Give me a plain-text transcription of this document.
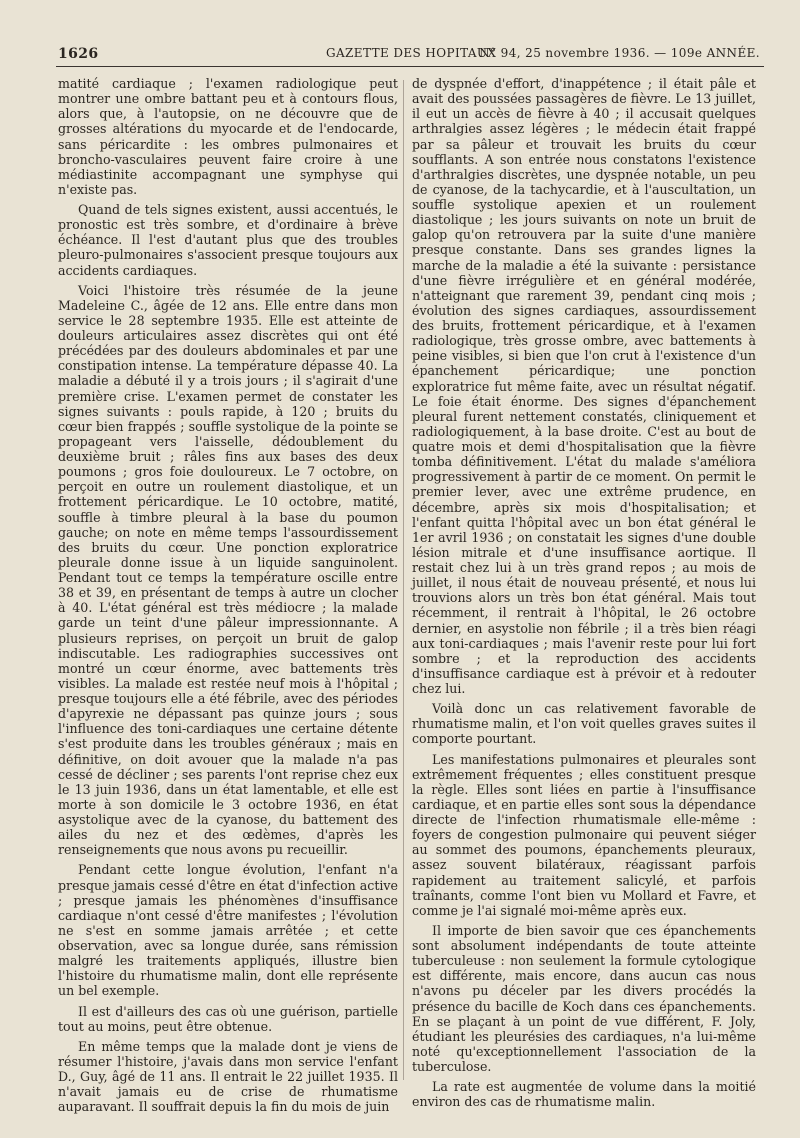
1626	GAZETTE DES HOPITAUX
N° 94, 25 novembre 1936. — 109e ANNÉE.

matité cardiaque ; l'examen radiologique peut montrer une ombre battant peu et à contours flous, alors que, à l'autopsie, on ne découvre que de grosses altérations du myocarde et de l'endocarde, sans péricardite : les ombres pulmonaires et broncho-vasculaires peuvent faire croire à une médiastinite accompagnant une symphyse qui n'existe pas.

Quand de tels signes existent, aussi accentués, le pronostic est très sombre, et d'ordinaire à brève échéance. Il l'est d'autant plus que des troubles pleuro-pulmonaires s'associent presque toujours aux accidents cardiaques.

Voici l'histoire très résumée de la jeune Madeleine C., âgée de 12 ans. Elle entre dans mon service le 28 septembre 1935. Elle est atteinte de douleurs articulaires assez discrètes qui ont été précédées par des douleurs abdominales et par une constipation intense. La température dépasse 40. La maladie a débuté il y a trois jours ; il s'agirait d'une première crise. L'examen permet de constater les signes suivants : pouls rapide, à 120 ; bruits du cœur bien frappés ; souffle systolique de la pointe se propageant vers l'aisselle, dédoublement du deuxième bruit ; râles fins aux bases des deux poumons ; gros foie douloureux. Le 7 octobre, on perçoit en outre un roulement diastolique, et un frottement péricardique. Le 10 octobre, matité, souffle à timbre pleural à la base du poumon gauche; on note en même temps l'assourdissement des bruits du cœur. Une ponction exploratrice pleurale donne issue à un liquide sanguinolent. Pendant tout ce temps la température oscille entre 38 et 39, en présentant de temps à autre un clocher à 40. L'état général est très médiocre ; la malade garde un teint d'une pâleur impressionnante. A plusieurs reprises, on perçoit un bruit de galop indiscutable. Les radiographies successives ont montré un cœur énorme, avec battements très visibles. La malade est restée neuf mois à l'hôpital ; presque toujours elle a été fébrile, avec des périodes d'apyrexie ne dépassant pas quinze jours ; sous l'influence des toni-cardiaques une certaine détente s'est produite dans les troubles généraux ; mais en définitive, on doit avouer que la malade n'a pas cessé de décliner ; ses parents l'ont reprise chez eux le 13 juin 1936, dans un état lamentable, et elle est morte à son domicile le 3 octobre 1936, en état asystolique avec de la cyanose, du battement des ailes du nez et des œdèmes, d'après les renseignements que nous avons pu recueillir.

Pendant cette longue évolution, l'enfant n'a presque jamais cessé d'être en état d'infection active ; presque jamais les phénomènes d'insuffisance cardiaque n'ont cessé d'être manifestes ; l'évolution ne s'est en somme jamais arrêtée ; et cette observation, avec sa longue durée, sans rémission malgré les traitements appliqués, illustre bien l'histoire du rhumatisme malin, dont elle représente un bel exemple.

Il est d'ailleurs des cas où une guérison, partielle tout au moins, peut être obtenue.

En même temps que la malade dont je viens de résumer l'histoire, j'avais dans mon service l'enfant D., Guy, âgé de 11 ans. Il entrait le 22 juillet 1935. Il n'avait jamais eu de crise de rhumatisme auparavant. Il souffrait depuis la fin du mois de juin

de dyspnée d'effort, d'inappétence ; il était pâle et avait des poussées passagères de fièvre. Le 13 juillet, il eut un accès de fièvre à 40 ; il accusait quelques arthralgies assez légères ; le médecin était frappé par sa pâleur et trouvait les bruits du cœur soufflants. A son entrée nous constatons l'existence d'arthralgies discrètes, une dyspnée notable, un peu de cyanose, de la tachycardie, et à l'auscultation, un souffle systolique apexien et un roulement diastolique ; les jours suivants on note un bruit de galop qu'on retrouvera par la suite d'une manière presque constante. Dans ses grandes lignes la marche de la maladie a été la suivante : persistance d'une fièvre irrégulière et en général modérée, n'atteignant que rarement 39, pendant cinq mois ; évolution des signes cardiaques, assourdissement des bruits, frottement péricardique, et à l'examen radiologique, très grosse ombre, avec battements à peine visibles, si bien que l'on crut à l'existence d'un épanchement péricardique; une ponction exploratrice fut même faite, avec un résultat négatif. Le foie était énorme. Des signes d'épanchement pleural furent nettement constatés, cliniquement et radiologiquement, à la base droite. C'est au bout de quatre mois et demi d'hospitalisation que la fièvre tomba définitivement. L'état du malade s'améliora progressivement à partir de ce moment. On permit le premier lever, avec une extrême prudence, en décembre, après six mois d'hospitalisation; et l'enfant quitta l'hôpital avec un bon état général le 1er avril 1936 ; on constatait les signes d'une double lésion mitrale et d'une insuffisance aortique. Il restait chez lui à un très grand repos ; au mois de juillet, il nous était de nouveau présenté, et nous lui trouvions alors un très bon état général. Mais tout récemment, il rentrait à l'hôpital, le 26 octobre dernier, en asystolie non fébrile ; il a très bien réagi aux toni-cardiaques ; mais l'avenir reste pour lui fort sombre ; et la reproduction des accidents d'insuffisance cardiaque est à prévoir et à redouter chez lui.

Voilà donc un cas relativement favorable de rhumatisme malin, et l'on voit quelles graves suites il comporte pourtant.

Les manifestations pulmonaires et pleurales sont extrêmement fréquentes ; elles constituent presque la règle. Elles sont liées en partie à l'insuffisance cardiaque, et en partie elles sont sous la dépendance directe de l'infection rhumatismale elle-même : foyers de congestion pulmonaire qui peuvent siéger au sommet des poumons, épanchements pleuraux, assez souvent bilatéraux, réagissant parfois rapidement au traitement salicylé, et parfois traînants, comme l'ont bien vu Mollard et Favre, et comme je l'ai signalé moi-même après eux.

Il importe de bien savoir que ces épanchements sont absolument indépendants de toute atteinte tuberculeuse : non seulement la formule cytologique est différente, mais encore, dans aucun cas nous n'avons pu déceler par les divers procédés la présence du bacille de Koch dans ces épanchements. En se plaçant à un point de vue différent, F. Joly, étudiant les pleurésies des cardiaques, n'a lui-même noté qu'exceptionnellement l'association de la tuberculose.

La rate est augmentée de volume dans la moitié environ des cas de rhumatisme malin.
